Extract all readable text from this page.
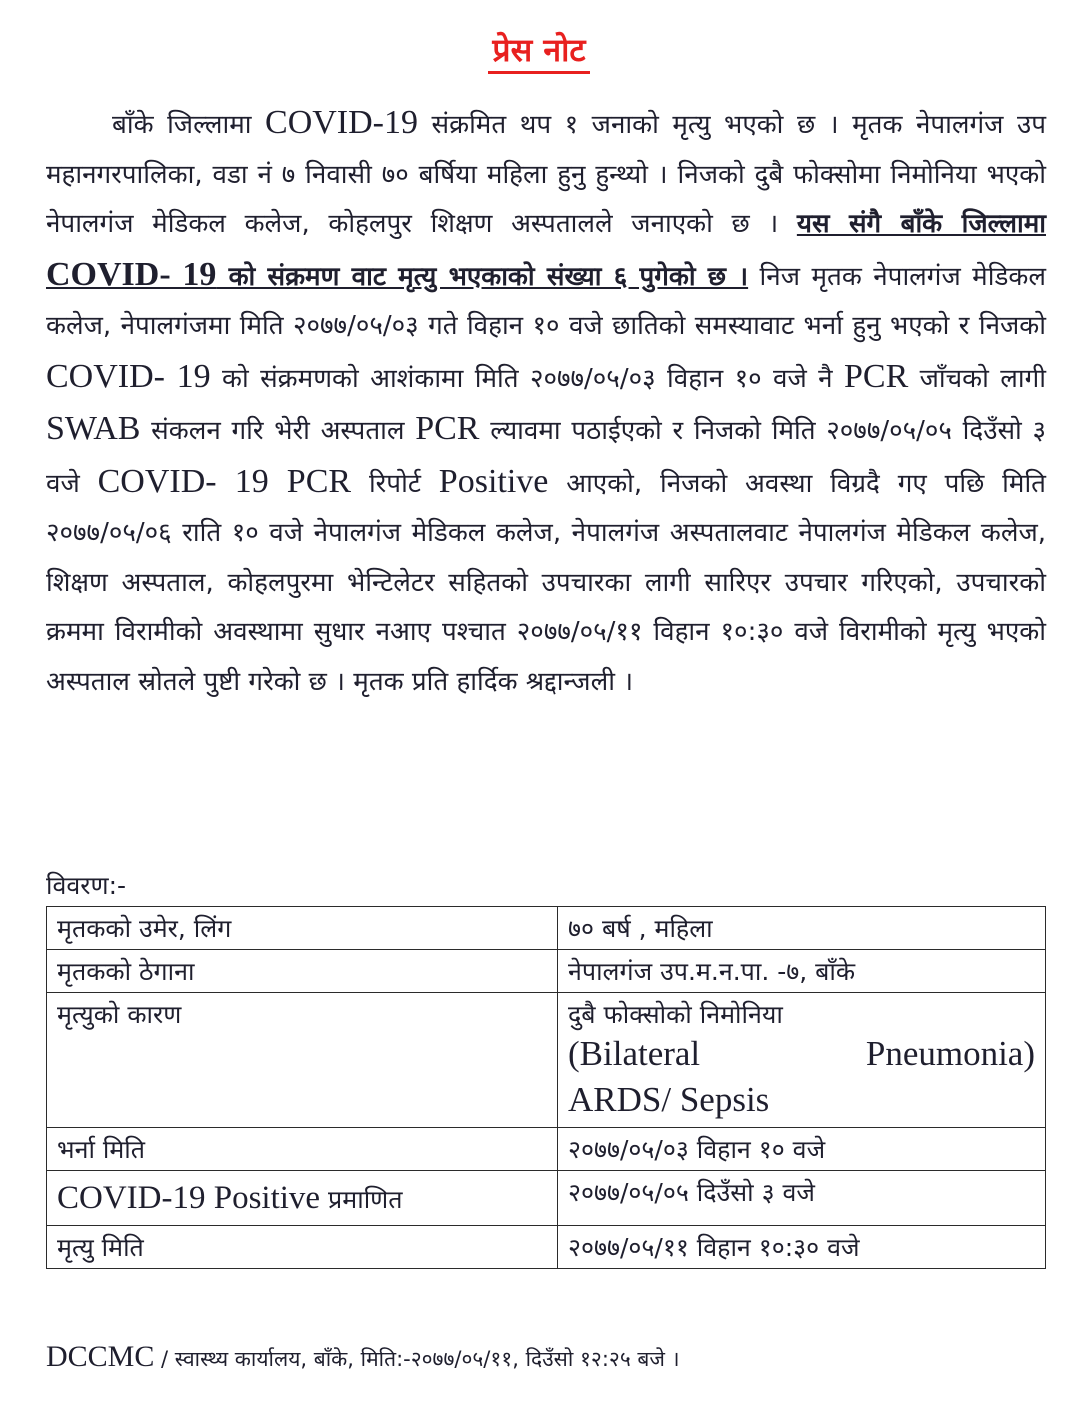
प्रेस नोट

बाँके जिल्लामा COVID-19 संक्रमित थप १ जनाको मृत्यु भएको छ । मृतक नेपालगंज उप महानगरपालिका, वडा नं ७ निवासी ७० बर्षिया महिला हुनु हुन्थ्यो । निजको दुबै फोक्सोमा निमोनिया भएको नेपालगंज मेडिकल कलेज, कोहलपुर शिक्षण अस्पतालले जनाएको छ । यस संगै बाँके जिल्लामा COVID- 19 को संक्रमण वाट मृत्यु भएकाको संख्या ६ पुगेको छ । निज मृतक नेपालगंज मेडिकल कलेज, नेपालगंजमा मिति २०७७/०५/०३ गते विहान १० वजे छातिको समस्यावाट भर्ना हुनु भएको र निजको COVID- 19 को संक्रमणको आशंकामा मिति २०७७/०५/०३ विहान १० वजे नै PCR जाँचको लागी SWAB संकलन गरि भेरी अस्पताल PCR ल्यावमा पठाईएको र निजको मिति २०७७/०५/०५ दिउँसो ३ वजे COVID- 19 PCR रिपोर्ट Positive आएको, निजको अवस्था विग्रदै गए पछि मिति २०७७/०५/०६ राति १० वजे नेपालगंज मेडिकल कलेज, नेपालगंज अस्पतालवाट नेपालगंज मेडिकल कलेज, शिक्षण अस्पताल, कोहलपुरमा भेन्टिलेटर सहितको उपचारका लागी सारिएर उपचार गरिएको, उपचारको क्रममा विरामीको अवस्थामा सुधार नआए पश्चात २०७७/०५/११ विहान १०:३० वजे विरामीको मृत्यु भएको अस्पताल स्रोतले पुष्टी गरेको छ । मृतक प्रति हार्दिक श्रद्दान्जली ।

विवरण:-
मृतकको उमेर, लिंग	७० बर्ष , महिला
मृतकको ठेगाना	नेपालगंज उप.म.न.पा. -७, बाँके
मृत्युको कारण	दुबै फोक्सोको निमोनिया
(Bilateral Pneumonia)
ARDS/ Sepsis

भर्ना मिति	२०७७/०५/०३ विहान १० वजे
COVID-19 Positive प्रमाणित	२०७७/०५/०५ दिउँसो ३ वजे
मृत्यु मिति	२०७७/०५/११ विहान १०:३० वजे
DCCMC / स्वास्थ्य कार्यालय, बाँके, मिति:-२०७७/०५/११, दिउँसो १२:२५ बजे ।
